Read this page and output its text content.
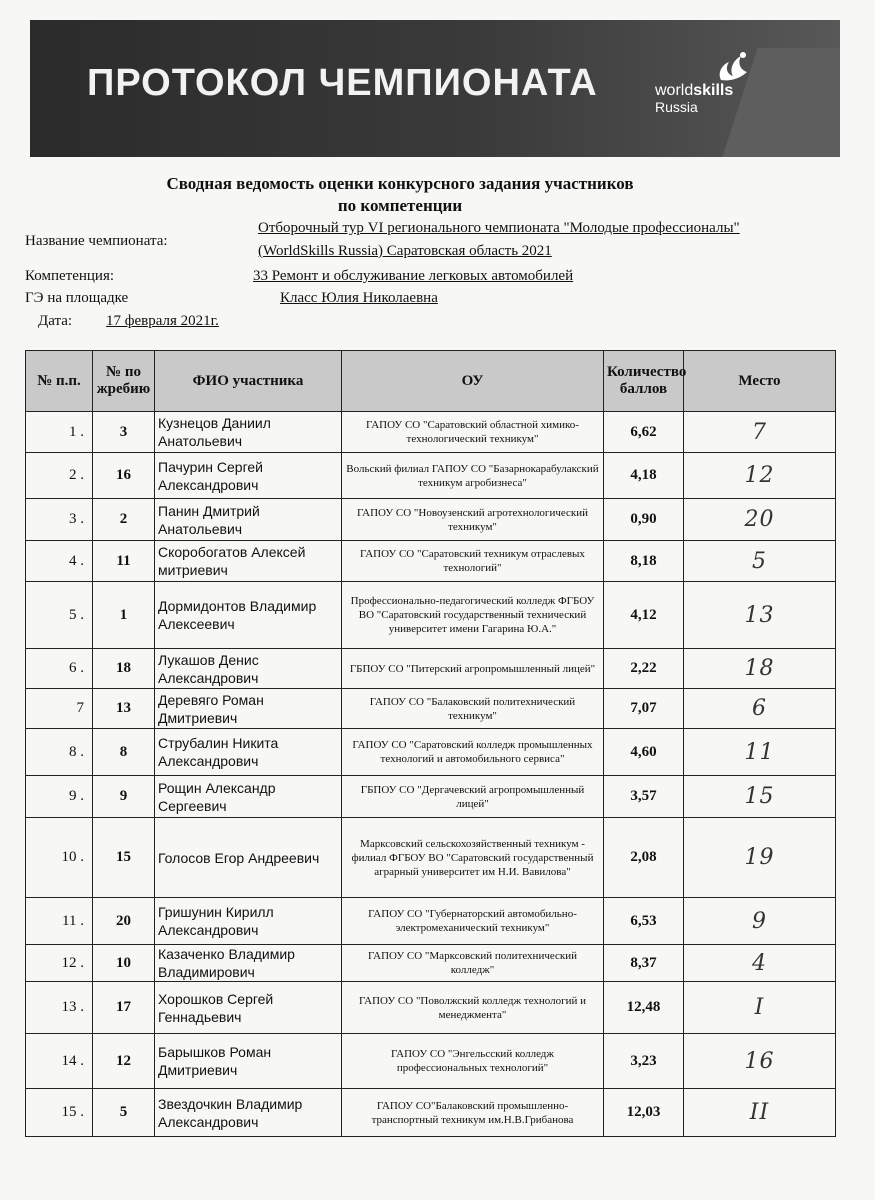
ПРОТОКОЛ ЧЕМПИОНАТА	worldskills
Russia
Сводная ведомость оценки конкурсного задания участников
по компетенции
Название чемпионата:
Отборочный тур VI регионального чемпионата "Молодые профессионалы"
(WorldSkills Russia) Саратовская область 2021
Компетенция:	33 Ремонт и обслуживание легковых автомобилей
ГЭ на площадке	Класс Юлия Николаевна
Дата: 17 февраля 2021г.
№ п.п.	№ по жребию	ФИО участника	ОУ	Количество баллов	Место
1 .	3	Кузнецов Даниил Анатольевич	ГАПОУ СО "Саратовский областной химико-технологический техникум"	6,62	7
2 .	16	Пачурин Сергей Александрович	Вольский филиал ГАПОУ СО "Базарнокарабулакский техникум агробизнеса"	4,18	12
3 .	2	Панин Дмитрий Анатольевич	ГАПОУ СО "Новоузенский агротехнологический техникум"	0,90	20
4 .	11	Скоробогатов Алексей митриевич	ГАПОУ СО "Саратовский техникум отраслевых технологий"	8,18	5
5 .	1	Дормидонтов Владимир Алексеевич	Профессионально-педагогический колледж ФГБОУ ВО "Саратовский государственный технический университет имени Гагарина Ю.А."	4,12	13
6 .	18	Лукашов Денис Александрович	ГБПОУ СО "Питерский агропромышленный лицей"	2,22	18
7	13	Деревяго Роман Дмитриевич	ГАПОУ СО "Балаковский политехнический техникум"	7,07	6
8 .	8	Струбалин Никита Александрович	ГАПОУ СО "Саратовский колледж промышленных технологий и автомобильного сервиса"	4,60	11
9 .	9	Рощин Александр Сергеевич	ГБПОУ СО "Дергачевский агропромышленный лицей"	3,57	15
10 .	15	Голосов Егор Андреевич	Марксовский сельскохозяйственный техникум - филиал ФГБОУ ВО "Саратовский государственный аграрный университет им Н.И. Вавилова"	2,08	19
11 .	20	Гришунин Кирилл Александрович	ГАПОУ СО "Губернаторский автомобильно-электромеханический техникум"	6,53	9
12 .	10	Казаченко Владимир Владимирович	ГАПОУ СО "Марксовский политехнический колледж"	8,37	4
13 .	17	Хорошков Сергей Геннадьевич	ГАПОУ СО "Поволжский колледж технологий и менеджмента"	12,48	I
14 .	12	Барышков Роман Дмитриевич	ГАПОУ СО "Энгельсский колледж профессиональных технологий"	3,23	16
15 .	5	Звездочкин Владимир Александрович	ГАПОУ СО"Балаковский промышленно-транспортный техникум им.Н.В.Грибанова	12,03	II
